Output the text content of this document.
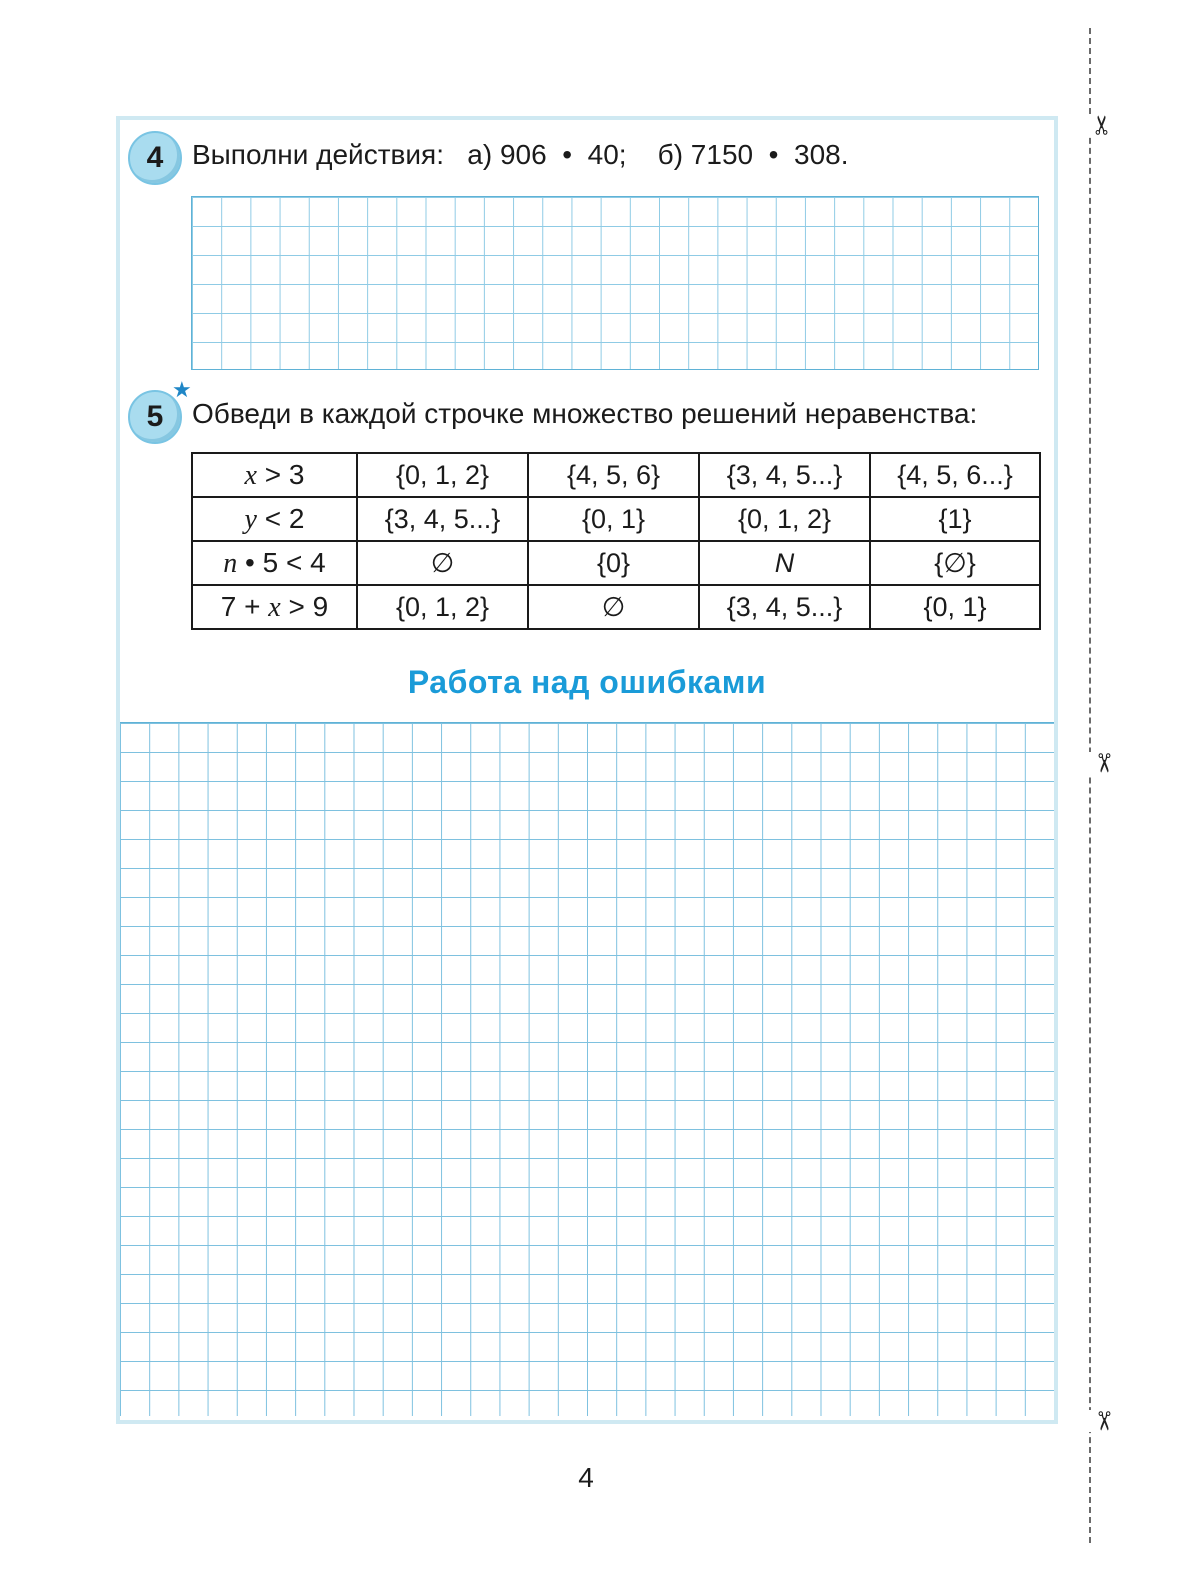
✂
✂
✂
4	Выполни действия:   а) 906  •  40;    б) 7150  •  308.
5
★
Обведи в каждой строчке множество решений неравенства:
x > 3	{0, 1, 2}	{4, 5, 6}	{3, 4, 5...}	{4, 5, 6...}
y < 2	{3, 4, 5...}	{0, 1}	{0, 1, 2}	{1}
n • 5 < 4	∅	{0}	N	{∅}
7 + x > 9	{0, 1, 2}	∅	{3, 4, 5...}	{0, 1}
Работа над ошибками
4
